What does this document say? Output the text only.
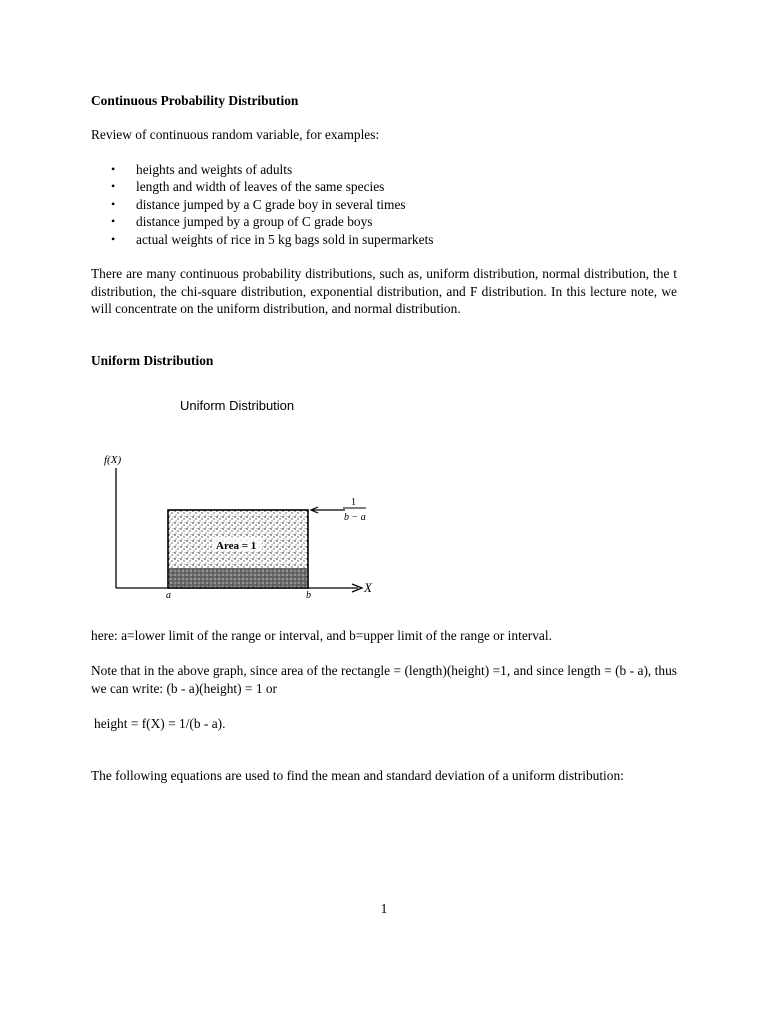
Continuous Probability Distribution
Review of continuous random variable, for examples:
• heights and weights of adults
• length and width of leaves of the same species
• distance jumped by a C grade boy in several times
• distance jumped by a group of C grade boys
• actual weights of rice in 5 kg bags sold in supermarkets
There are many continuous probability distributions, such as, uniform distribution, normal distribution, the t distribution, the chi-square distribution, exponential distribution, and F distribution. In this lecture note, we will concentrate on the uniform distribution, and normal distribution.
Uniform Distribution
Uniform Distribution
f(X)
X
Area = 1
1
b − a
a	b
here: a=lower limit of the range or interval, and b=upper limit of the range or interval.
Note that in the above graph, since area of the rectangle = (length)(height) =1, and since length = (b - a), thus we can write: (b - a)(height) = 1 or
height = f(X) = 1/(b - a).
The following equations are used to find the mean and standard deviation of a uniform distribution:
1
